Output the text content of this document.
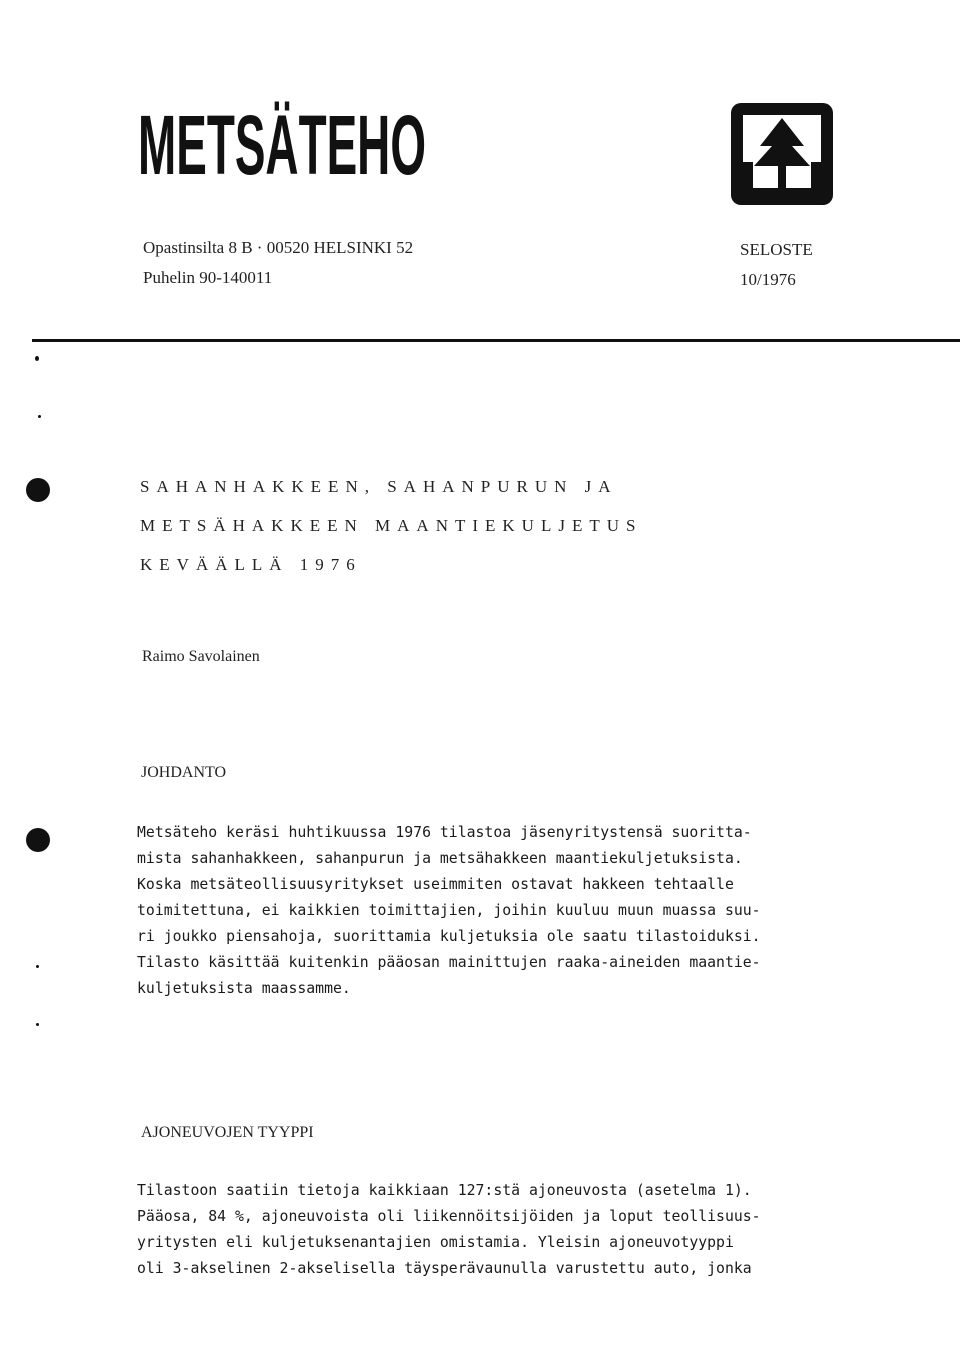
METSÄTEHO
Opastinsilta 8 B · 00520 HELSINKI 52
Puhelin 90-140011
SELOSTE
10/1976
SAHANHAKKEEN, SAHANPURUN JA
METSÄHAKKEEN MAANTIEKULJETUS
KEVÄÄLLÄ 1976
Raimo Savolainen
JOHDANTO
Metsäteho keräsi huhtikuussa 1976 tilastoa jäsenyritystensä suoritta-
mista sahanhakkeen, sahanpurun ja metsähakkeen maantiekuljetuksista.
Koska metsäteollisuusyritykset useimmiten ostavat hakkeen tehtaalle
toimitettuna, ei kaikkien toimittajien, joihin kuuluu muun muassa suu-
ri joukko piensahoja, suorittamia kuljetuksia ole saatu tilastoiduksi.
Tilasto käsittää kuitenkin pääosan mainittujen raaka-aineiden maantie-
kuljetuksista maassamme.
AJONEUVOJEN TYYPPI
Tilastoon saatiin tietoja kaikkiaan 127:stä ajoneuvosta (asetelma 1).
Pääosa, 84 %, ajoneuvoista oli liikennöitsijöiden ja loput teollisuus-
yritysten eli kuljetuksenantajien omistamia. Yleisin ajoneuvotyyppi
oli 3-akselinen 2-akselisella täysperävaunulla varustettu auto, jonka
